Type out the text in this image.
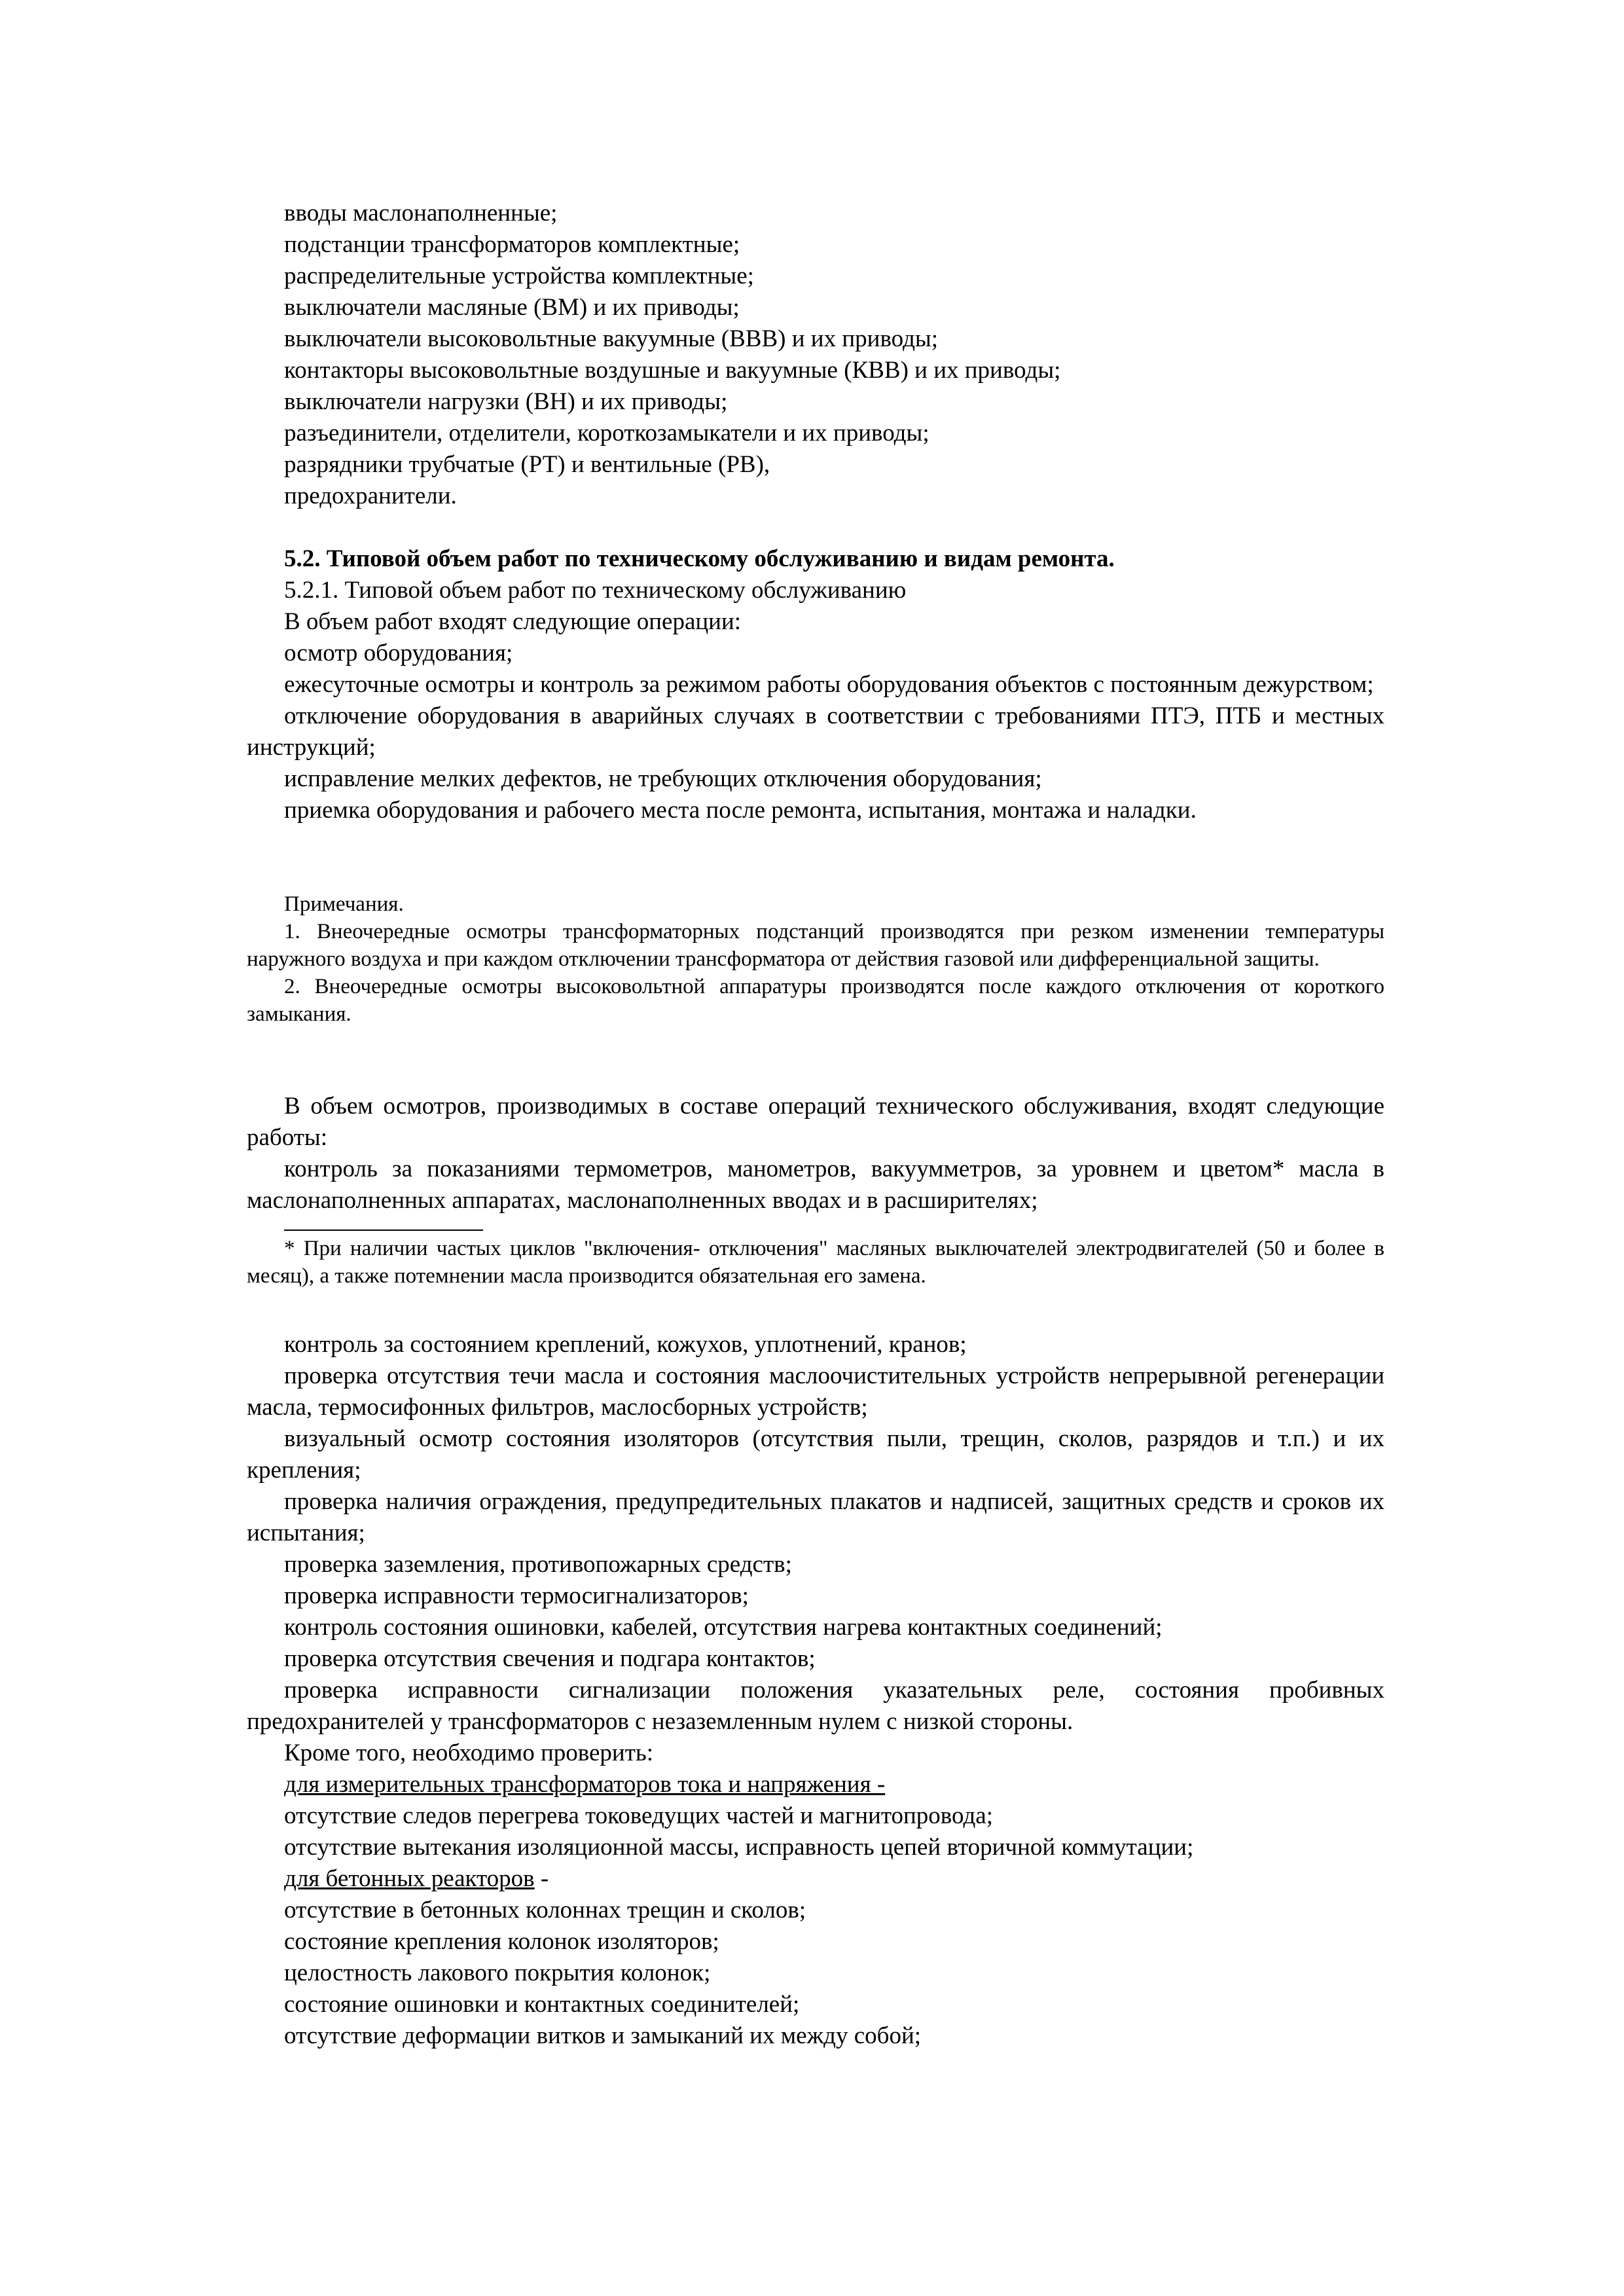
вводы маслонаполненные;

подстанции трансформаторов комплектные;

распределительные устройства комплектные;

выключатели масляные (ВМ) и их приводы;

выключатели высоковольтные вакуумные (ВВВ) и их приводы;

контакторы высоковольтные воздушные и вакуумные (КВВ) и их приводы;

выключатели нагрузки (ВН) и их приводы;

разъединители, отделители, короткозамыкатели и их приводы;

разрядники трубчатые (РТ) и вентильные (РВ),

предохранители.

5.2. Типовой объем работ по техническому обслуживанию и видам ремонта.

5.2.1. Типовой объем работ по техническому обслуживанию

В объем работ входят следующие операции:

осмотр оборудования;

ежесуточные осмотры и контроль за режимом работы оборудования объектов с постоянным дежурством;

отключение оборудования в аварийных случаях в соответствии с требованиями ПТЭ, ПТБ и местных инструкций;

исправление мелких дефектов, не требующих отключения оборудования;

приемка оборудования и рабочего места после ремонта, испытания, монтажа и наладки.

Примечания.

1. Внеочередные осмотры трансформаторных подстанций производятся при резком изменении температуры наружного воздуха и при каждом отключении трансформатора от действия газовой или дифференциальной защиты.

2. Внеочередные осмотры высоковольтной аппаратуры производятся после каждого отключения от короткого замыкания.

В объем осмотров, производимых в составе операций технического обслуживания, входят следующие работы:

контроль за показаниями термометров, манометров, вакуумметров, за уровнем и цветом* масла в маслонаполненных аппаратах, маслонаполненных вводах и в расширителях;

* При наличии частых циклов "включения- отключения" масляных выключателей электродвигателей (50 и более в месяц), а также потемнении масла производится обязательная его замена.

контроль за состоянием креплений, кожухов, уплотнений, кранов;

проверка отсутствия течи масла и состояния маслоочистительных устройств непрерывной регенерации масла, термосифонных фильтров, маслосборных устройств;

визуальный осмотр состояния изоляторов (отсутствия пыли, трещин, сколов, разрядов и т.п.) и их крепления;

проверка наличия ограждения, предупредительных плакатов и надписей, защитных средств и сроков их испытания;

проверка заземления, противопожарных средств;

проверка исправности термосигнализаторов;

контроль состояния ошиновки, кабелей, отсутствия нагрева контактных соединений;

проверка отсутствия свечения и подгара контактов;

проверка исправности сигнализации положения указательных реле, состояния пробивных предохранителей у трансформаторов с незаземленным нулем с низкой стороны.

Кроме того, необходимо проверить:

для измерительных трансформаторов тока и напряжения -

отсутствие следов перегрева токоведущих частей и магнитопровода;

отсутствие вытекания изоляционной массы, исправность цепей вторичной коммутации;

для бетонных реакторов -

отсутствие в бетонных колоннах трещин и сколов;

состояние крепления колонок изоляторов;

целостность лакового покрытия колонок;

состояние ошиновки и контактных соединителей;

отсутствие деформации витков и замыканий их между собой;
